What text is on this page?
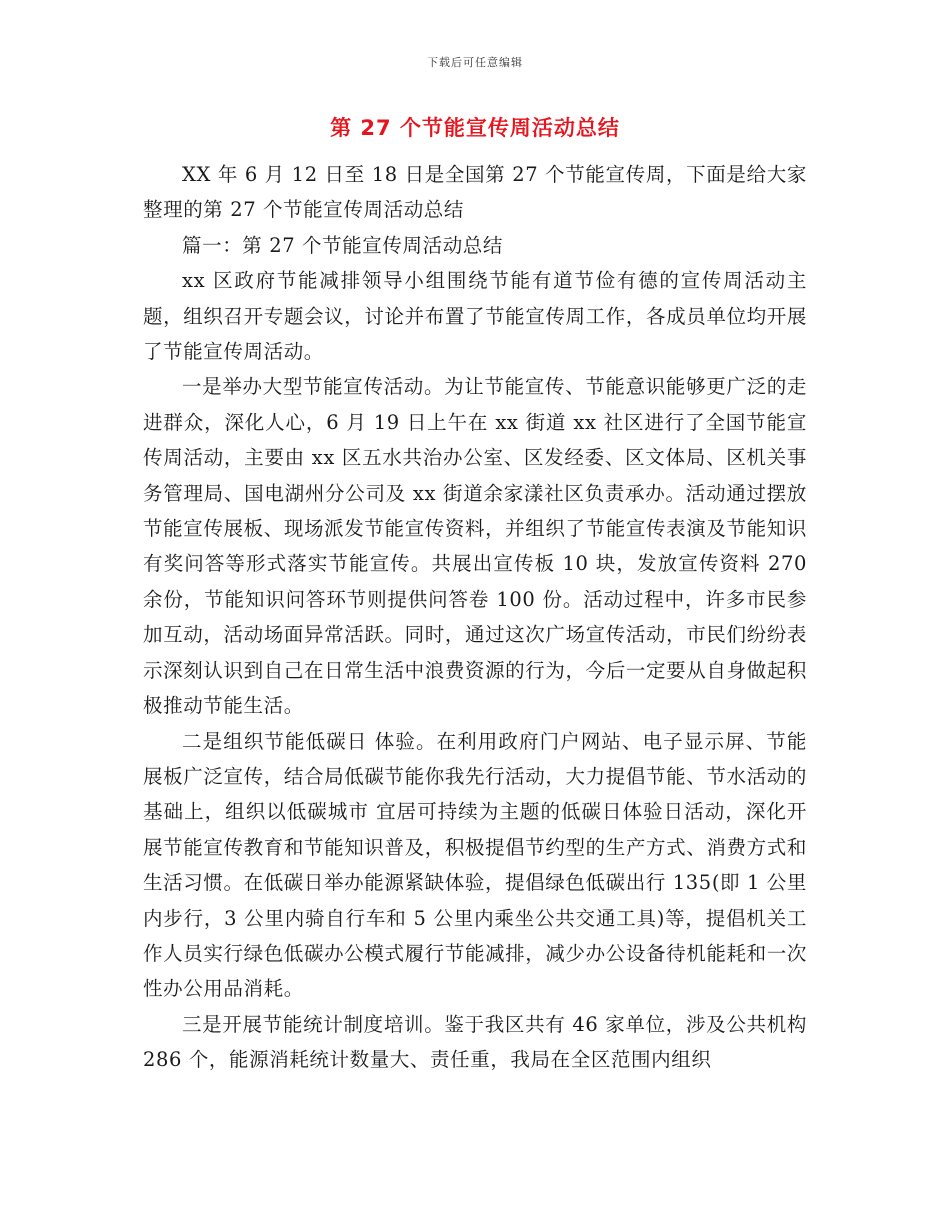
下载后可任意编辑
第 27 个节能宣传周活动总结

XX 年 6 月 12 日至 18 日是全国第 27 个节能宣传周，下面是给大家整理的第 27 个节能宣传周活动总结

篇一：第 27 个节能宣传周活动总结

xx 区政府节能减排领导小组围绕节能有道节俭有德的宣传周活动主题，组织召开专题会议，讨论并布置了节能宣传周工作，各成员单位均开展了节能宣传周活动。

一是举办大型节能宣传活动。为让节能宣传、节能意识能够更广泛的走进群众，深化人心，6 月 19 日上午在 xx 街道 xx 社区进行了全国节能宣传周活动，主要由 xx 区五水共治办公室、区发经委、区文体局、区机关事务管理局、国电湖州分公司及 xx 街道余家漾社区负责承办。活动通过摆放节能宣传展板、现场派发节能宣传资料，并组织了节能宣传表演及节能知识有奖问答等形式落实节能宣传。共展出宣传板 10 块，发放宣传资料 270 余份，节能知识问答环节则提供问答卷 100 份。活动过程中，许多市民参加互动，活动场面异常活跃。同时，通过这次广场宣传活动，市民们纷纷表示深刻认识到自己在日常生活中浪费资源的行为，今后一定要从自身做起积极推动节能生活。

二是组织节能低碳日 体验。在利用政府门户网站、电子显示屏、节能展板广泛宣传，结合局低碳节能你我先行活动，大力提倡节能、节水活动的基础上，组织以低碳城市 宜居可持续为主题的低碳日体验日活动，深化开展节能宣传教育和节能知识普及，积极提倡节约型的生产方式、消费方式和生活习惯。在低碳日举办能源紧缺体验，提倡绿色低碳出行 135(即 1 公里内步行，3 公里内骑自行车和 5 公里内乘坐公共交通工具)等，提倡机关工作人员实行绿色低碳办公模式履行节能减排，减少办公设备待机能耗和一次性办公用品消耗。

三是开展节能统计制度培训。鉴于我区共有 46 家单位，涉及公共机构 286 个，能源消耗统计数量大、责任重，我局在全区范围内组织
